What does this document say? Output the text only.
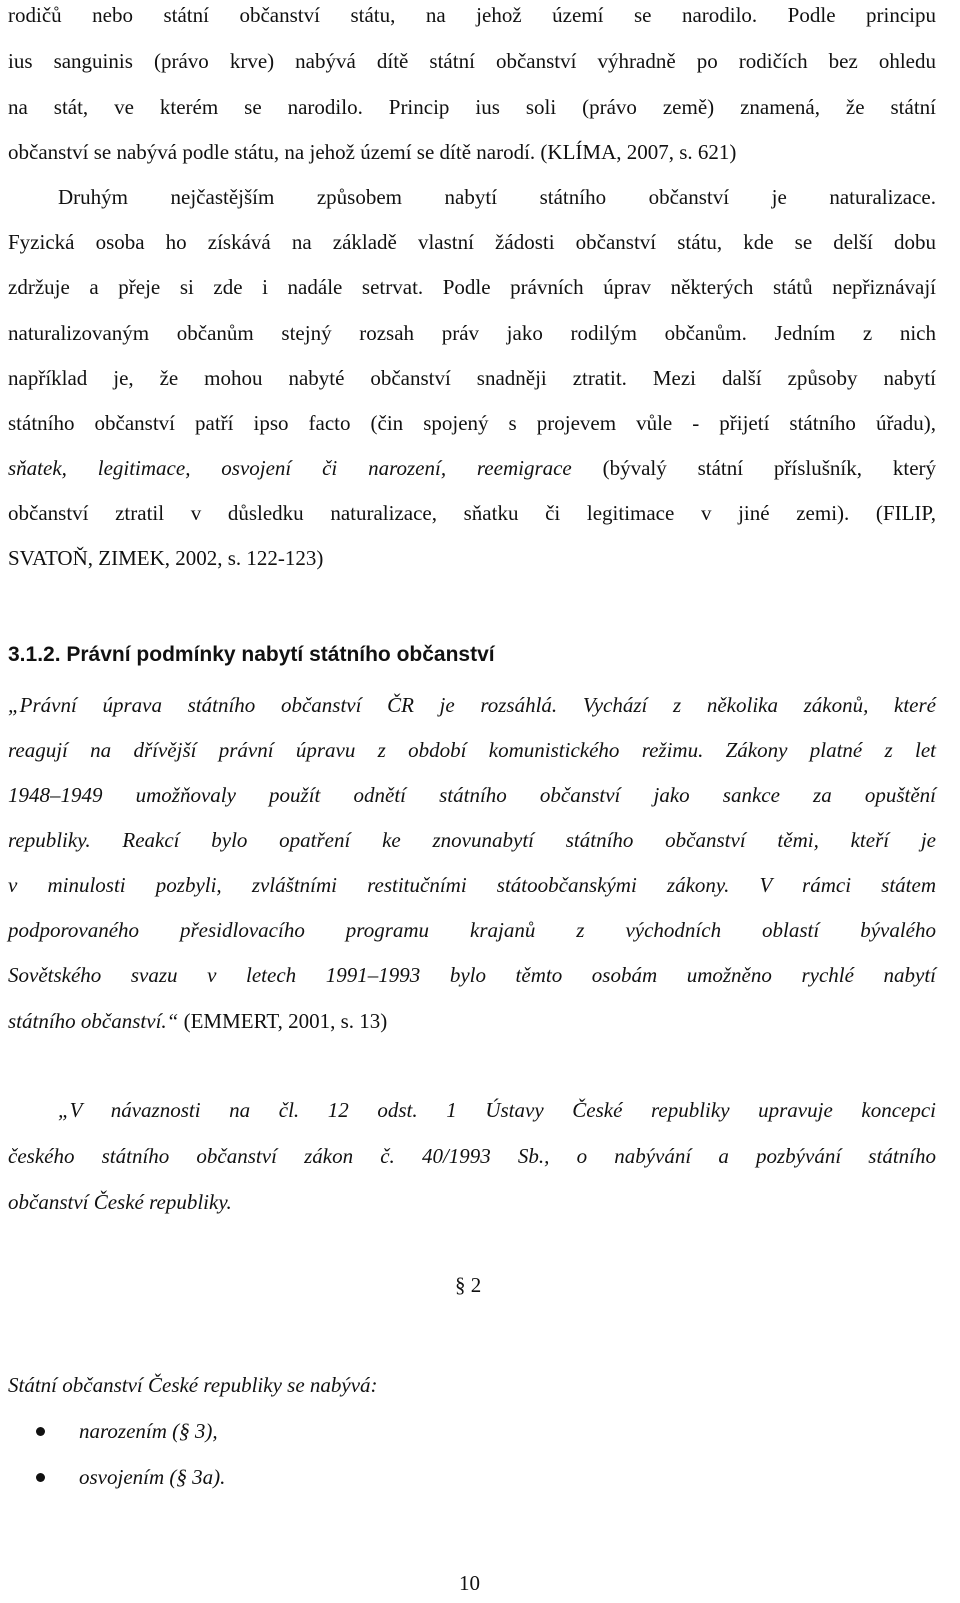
rodičů nebo státní občanství státu, na jehož území se narodilo. Podle principu
ius sanguinis (právo krve) nabývá dítě státní občanství výhradně po rodičích bez ohledu
na stát, ve kterém se narodilo. Princip ius soli (právo země) znamená, že státní
občanství se nabývá podle státu, na jehož území se dítě narodí. (KLÍMA, 2007, s. 621)
Druhým nejčastějším způsobem nabytí státního občanství je naturalizace.
Fyzická osoba ho získává na základě vlastní žádosti občanství státu, kde se delší dobu
zdržuje a přeje si zde i nadále setrvat. Podle právních úprav některých států nepřiznávají
naturalizovaným občanům stejný rozsah práv jako rodilým občanům. Jedním z nich
například je, že mohou nabyté občanství snadněji ztratit. Mezi další způsoby nabytí
státního občanství patří ipso facto (čin spojený s projevem vůle - přijetí státního úřadu),
sňatek, legitimace, osvojení či narození, reemigrace (bývalý státní příslušník, který
občanství ztratil v důsledku naturalizace, sňatku či legitimace v jiné zemi). (FILIP,
SVATOŇ, ZIMEK, 2002, s. 122-123)
3.1.2. Právní podmínky nabytí státního občanství
„Právní úprava státního občanství ČR je rozsáhlá. Vychází z několika zákonů, které
reagují na dřívější právní úpravu z období komunistického režimu. Zákony platné z let
1948–1949 umožňovaly použít odnětí státního občanství jako sankce za opuštění
republiky. Reakcí bylo opatření ke znovunabytí státního občanství těmi, kteří je
v minulosti pozbyli, zvláštními restitučními státoobčanskými zákony. V rámci státem
podporovaného přesidlovacího programu krajanů z východních oblastí bývalého
Sovětského svazu v letech 1991–1993 bylo těmto osobám umožněno rychlé nabytí
státního občanství.“ (EMMERT, 2001, s. 13)
„V návaznosti na čl. 12 odst. 1 Ústavy České republiky upravuje koncepci
českého státního občanství zákon č. 40/1993 Sb., o nabývání a pozbývání státního
občanství České republiky.
§ 2
Státní občanství České republiky se nabývá:
narozením (§ 3),
osvojením (§ 3a).
10
